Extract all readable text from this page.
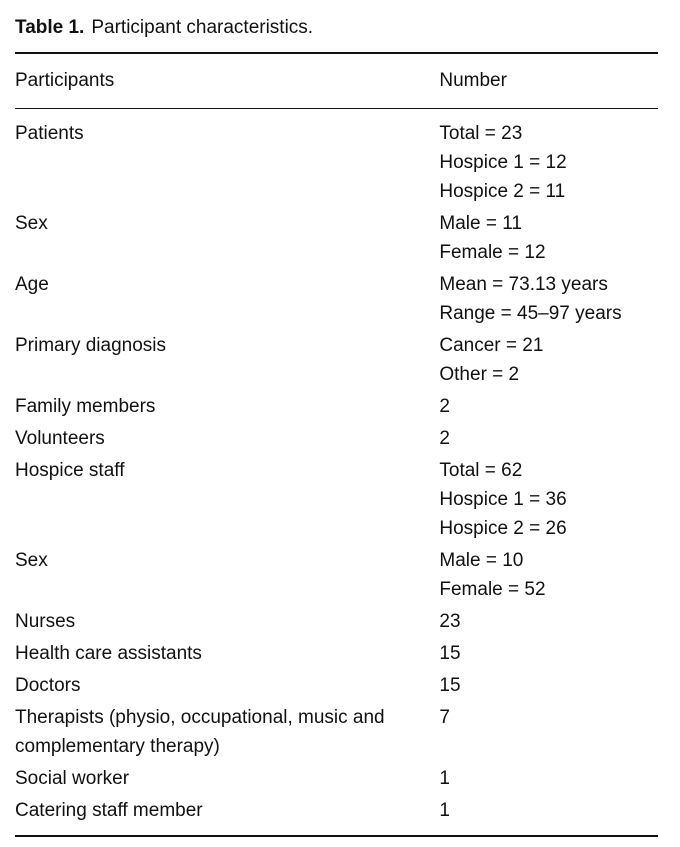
Table 1. Participant characteristics.
Participants	Number
Patients	Total = 23
Hospice 1 = 12
Hospice 2 = 11

Sex	Male = 11
Female = 12

Age	Mean = 73.13 years
Range = 45–97 years

Primary diagnosis	Cancer = 21
Other = 2

Family members	2

Volunteers	2

Hospice staff	Total = 62
Hospice 1 = 36
Hospice 2 = 26

Sex	Male = 10
Female = 52

Nurses	23

Health care assistants	15

Doctors	15

Therapists (physio, occupational, music and complementary therapy)	7

Social worker	1

Catering staff member	1
